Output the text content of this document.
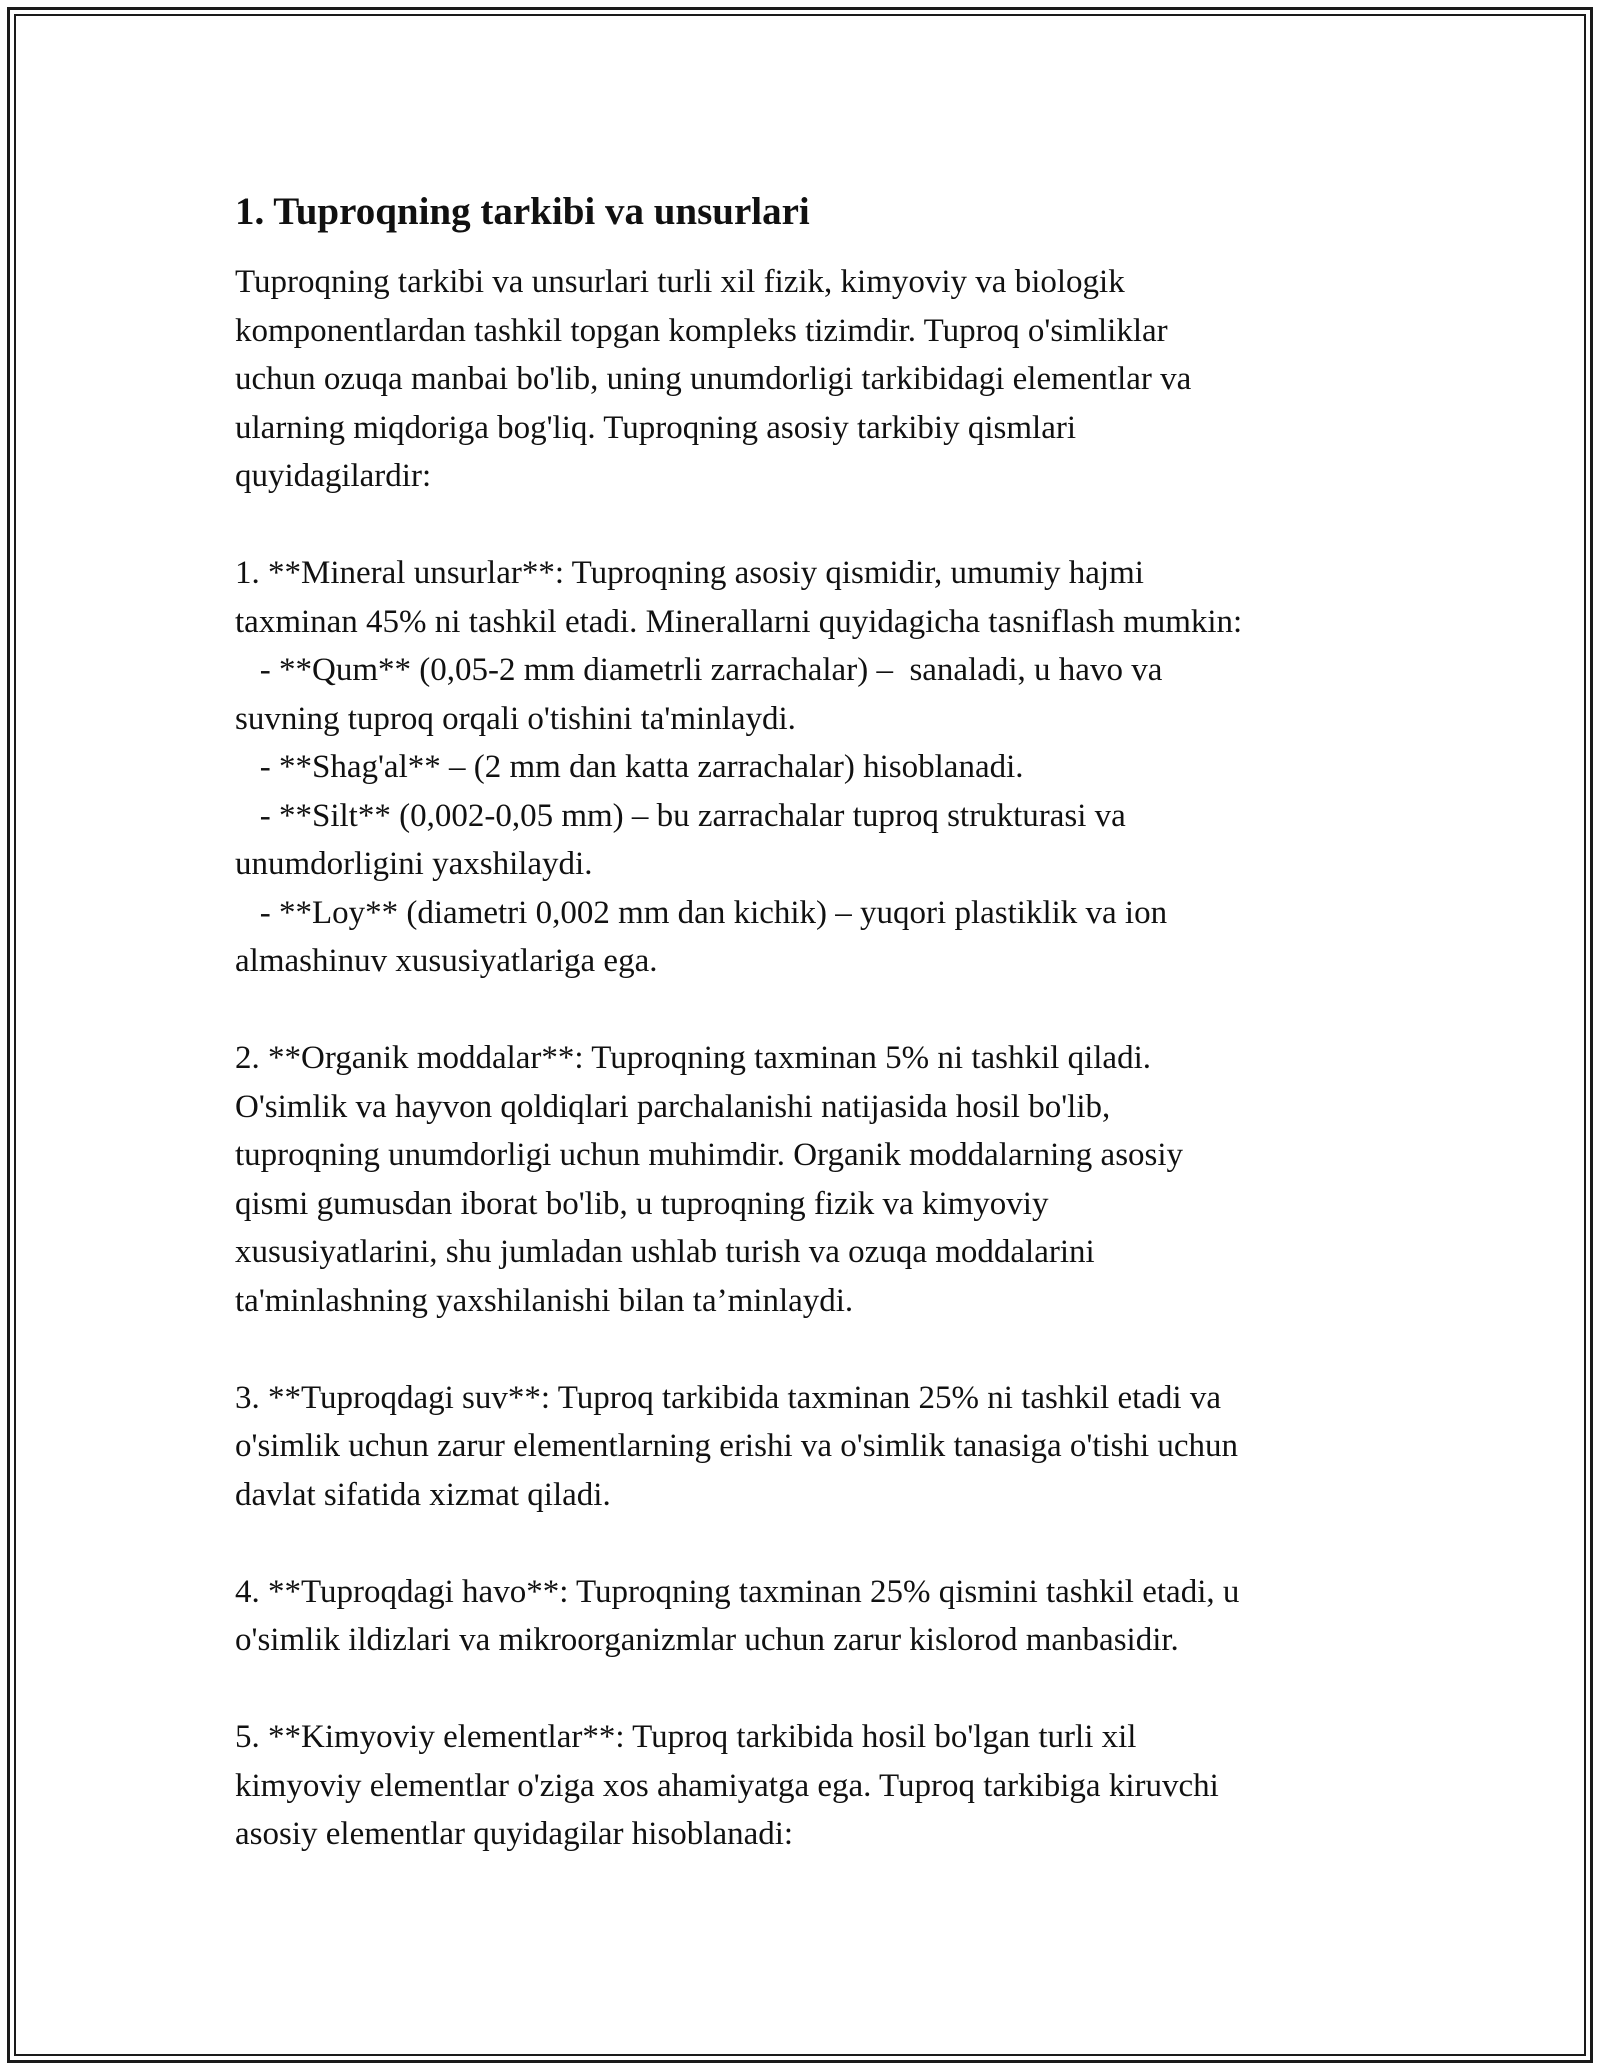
1. Tuproqning tarkibi va unsurlari
Tuproqning tarkibi va unsurlari turli xil fizik, kimyoviy va biologik
komponentlardan tashkil topgan kompleks tizimdir. Tuproq o'simliklar
uchun ozuqa manbai bo'lib, uning unumdorligi tarkibidagi elementlar va
ularning miqdoriga bog'liq. Tuproqning asosiy tarkibiy qismlari
quyidagilardir:
1. **Mineral unsurlar**: Tuproqning asosiy qismidir, umumiy hajmi
taxminan 45% ni tashkil etadi. Minerallarni quyidagicha tasniflash mumkin:
- **Qum** (0,05-2 mm diametrli zarrachalar) –  sanaladi, u havo va
suvning tuproq orqali o'tishini ta'minlaydi.
- **Shag'al** – (2 mm dan katta zarrachalar) hisoblanadi.
- **Silt** (0,002-0,05 mm) – bu zarrachalar tuproq strukturasi va
unumdorligini yaxshilaydi.
- **Loy** (diametri 0,002 mm dan kichik) – yuqori plastiklik va ion
almashinuv xususiyatlariga ega.
2. **Organik moddalar**: Tuproqning taxminan 5% ni tashkil qiladi.
O'simlik va hayvon qoldiqlari parchalanishi natijasida hosil bo'lib,
tuproqning unumdorligi uchun muhimdir. Organik moddalarning asosiy
qismi gumusdan iborat bo'lib, u tuproqning fizik va kimyoviy
xususiyatlarini, shu jumladan ushlab turish va ozuqa moddalarini
ta'minlashning yaxshilanishi bilan ta’minlaydi.
3. **Tuproqdagi suv**: Tuproq tarkibida taxminan 25% ni tashkil etadi va
o'simlik uchun zarur elementlarning erishi va o'simlik tanasiga o'tishi uchun
davlat sifatida xizmat qiladi.
4. **Tuproqdagi havo**: Tuproqning taxminan 25% qismini tashkil etadi, u
o'simlik ildizlari va mikroorganizmlar uchun zarur kislorod manbasidir.
5. **Kimyoviy elementlar**: Tuproq tarkibida hosil bo'lgan turli xil
kimyoviy elementlar o'ziga xos ahamiyatga ega. Tuproq tarkibiga kiruvchi
asosiy elementlar quyidagilar hisoblanadi:
